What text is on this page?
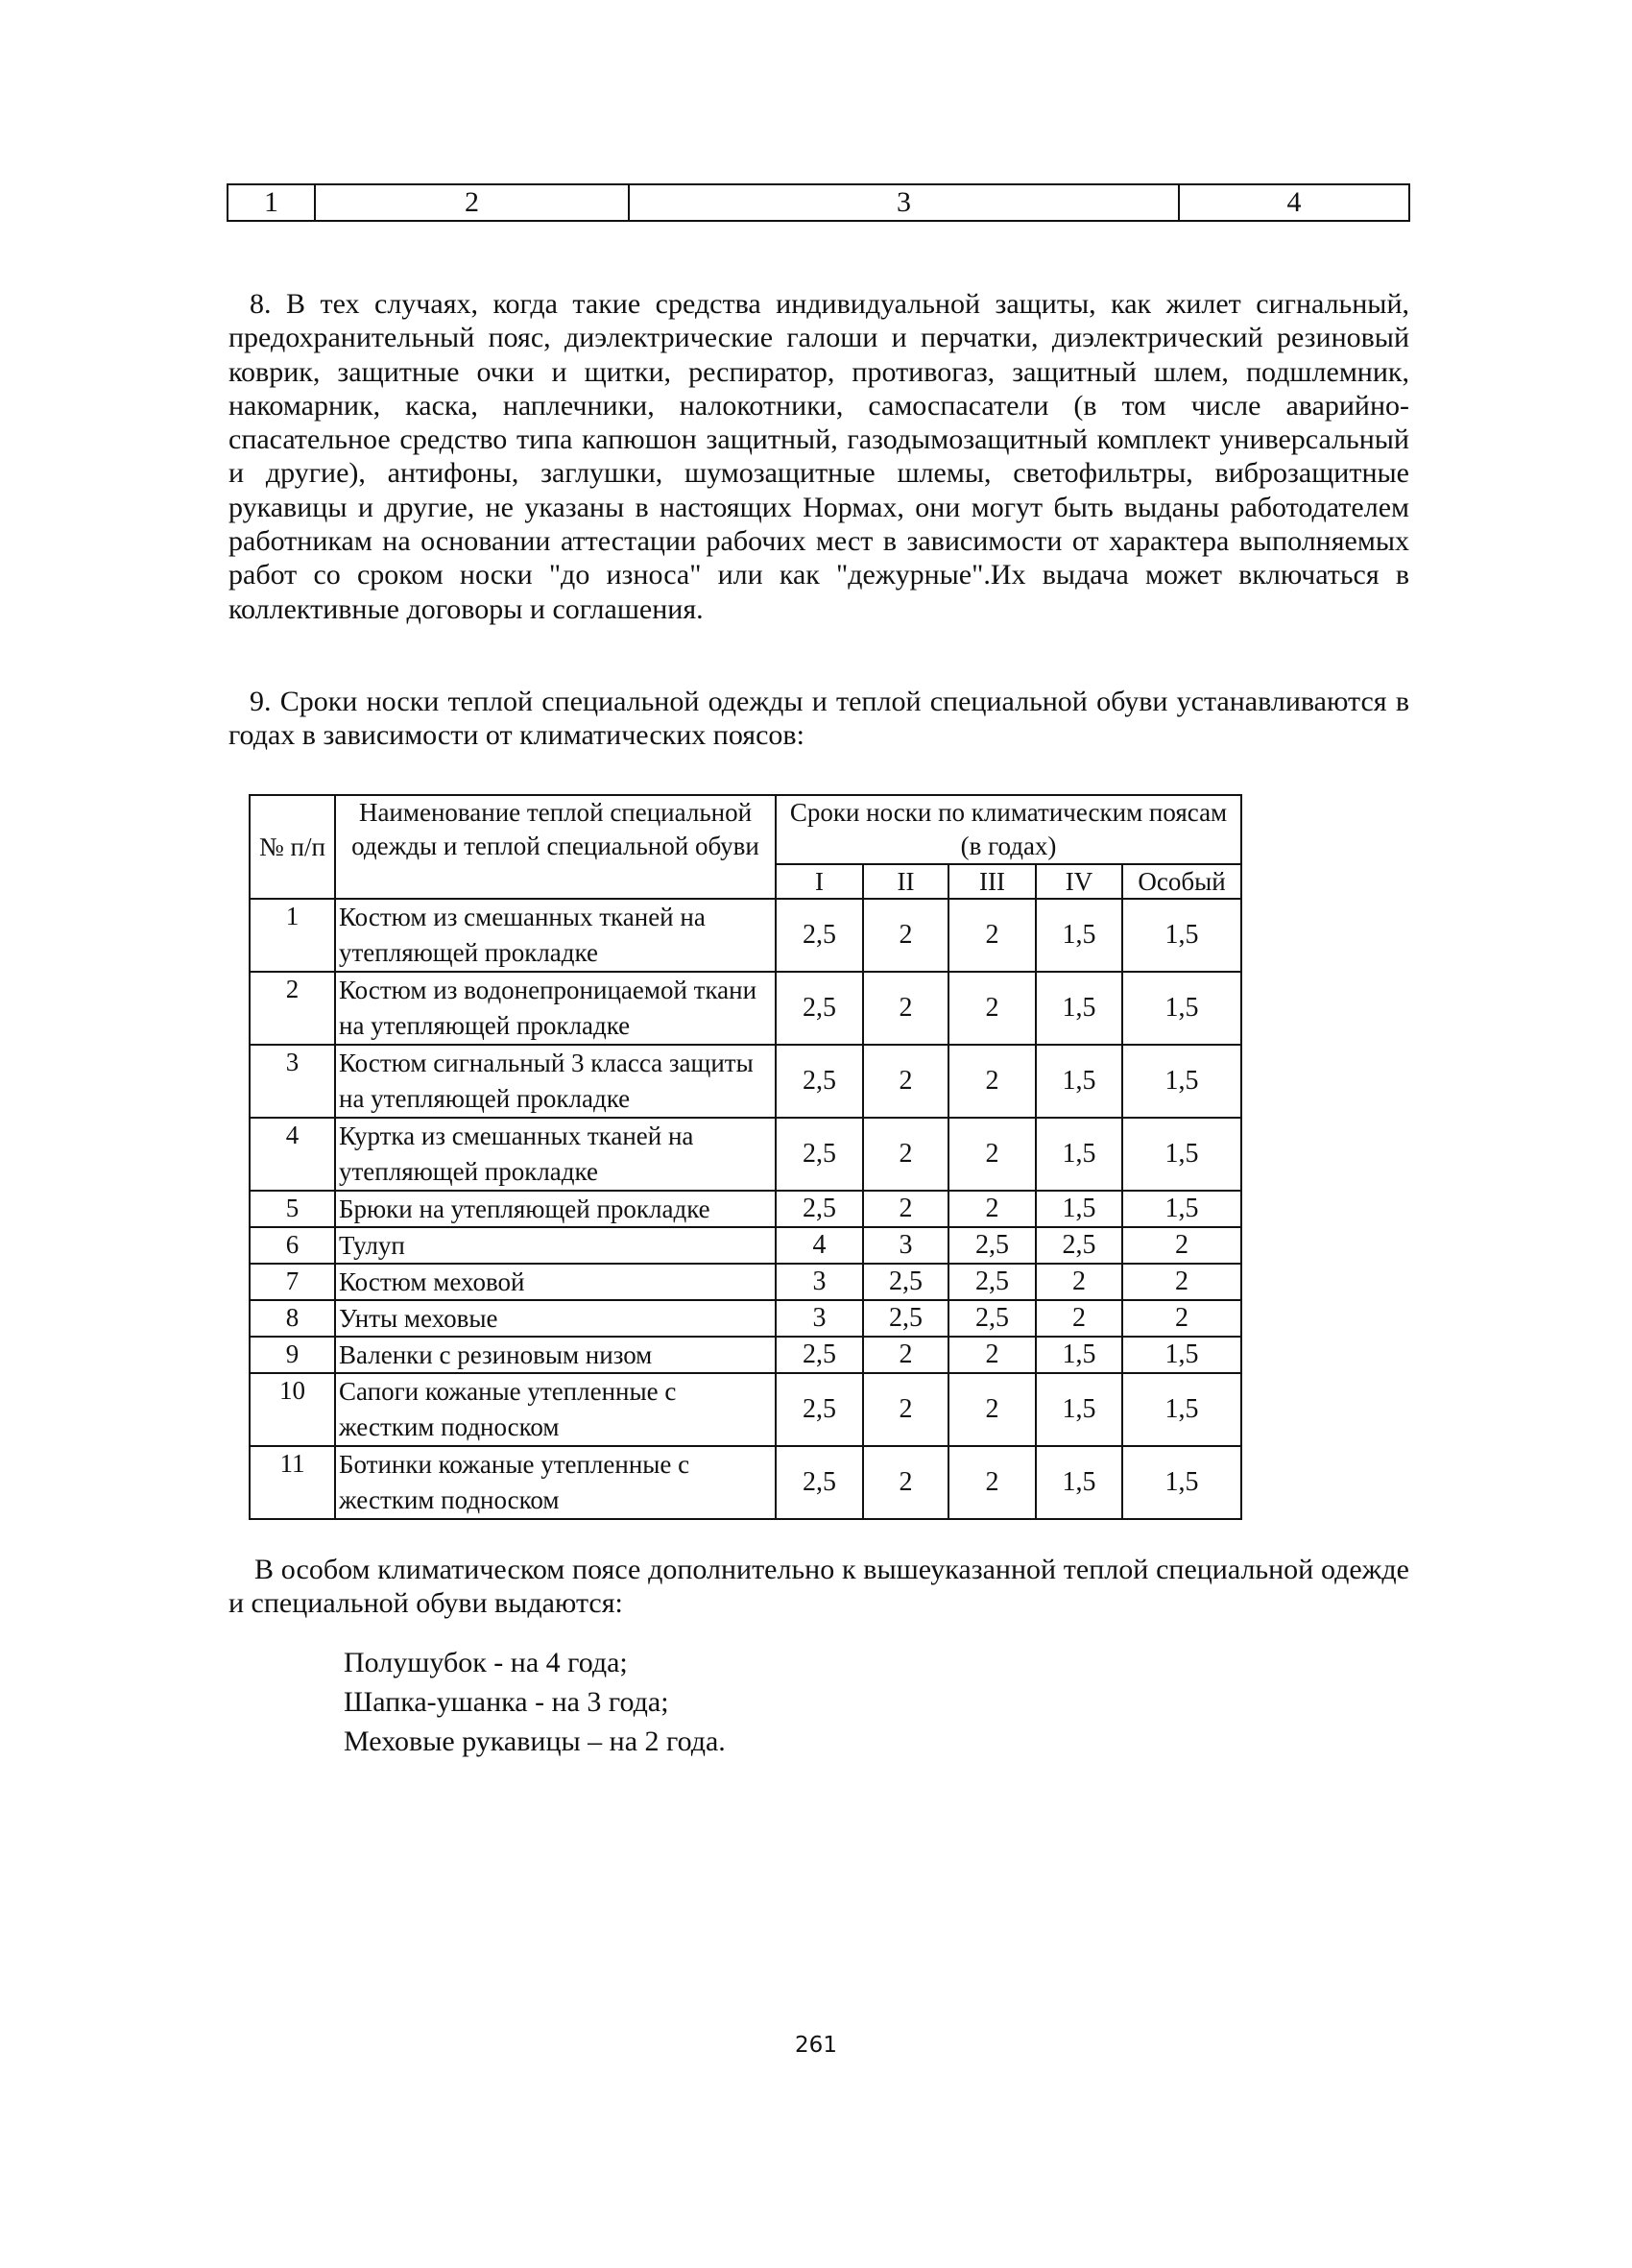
1	2	3	4

8. В тех случаях, когда такие средства индивидуальной защиты, как жилет сигнальный, предохранительный пояс, диэлектрические галоши и перчатки, диэлектрический резиновый коврик, защитные очки и щитки, респиратор, противогаз, защитный шлем, подшлемник, накомарник, каска, наплечники, налокотники, самоспасатели (в том числе аварийно-спасательное средство типа капюшон защитный, газодымозащитный комплект универсальный и другие), антифоны, заглушки, шумозащитные шлемы, светофильтры, виброзащитные рукавицы и другие, не указаны в настоящих Нормах, они могут быть выданы работодателем работникам на основании аттестации рабочих мест в зависимости от характера выполняемых работ со сроком носки "до износа" или как "дежурные".Их выдача может включаться в коллективные договоры и соглашения.

9. Сроки носки теплой специальной одежды и теплой специальной обуви устанавливаются в годах в зависимости от климатических поясов:

№ п/п	Наименование теплой специальной одежды и теплой специальной обуви	Сроки носки по климатическим поясам (в годах)				
		I	II	III	IV	Особый
1	Костюм из смешанных тканей на утепляющей прокладке	2,5	2	2	1,5	1,5
2	Костюм из водонепроницаемой ткани на утепляющей прокладке	2,5	2	2	1,5	1,5
3	Костюм сигнальный 3 класса защиты на утепляющей прокладке	2,5	2	2	1,5	1,5
4	Куртка из смешанных тканей на утепляющей прокладке	2,5	2	2	1,5	1,5
5	Брюки на утепляющей прокладке	2,5	2	2	1,5	1,5
6	Тулуп	4	3	2,5	2,5	2
7	Костюм меховой	3	2,5	2,5	2	2
8	Унты меховые	3	2,5	2,5	2	2
9	Валенки с резиновым низом	2,5	2	2	1,5	1,5
10	Сапоги кожаные утепленные с жестким подноском	2,5	2	2	1,5	1,5
11	Ботинки кожаные утепленные с жестким подноском	2,5	2	2	1,5	1,5

В особом климатическом поясе дополнительно к вышеуказанной теплой специальной одежде и специальной обуви выдаются:

Полушубок - на 4 года;
Шапка-ушанка - на 3 года;
Меховые рукавицы – на 2 года.
261
